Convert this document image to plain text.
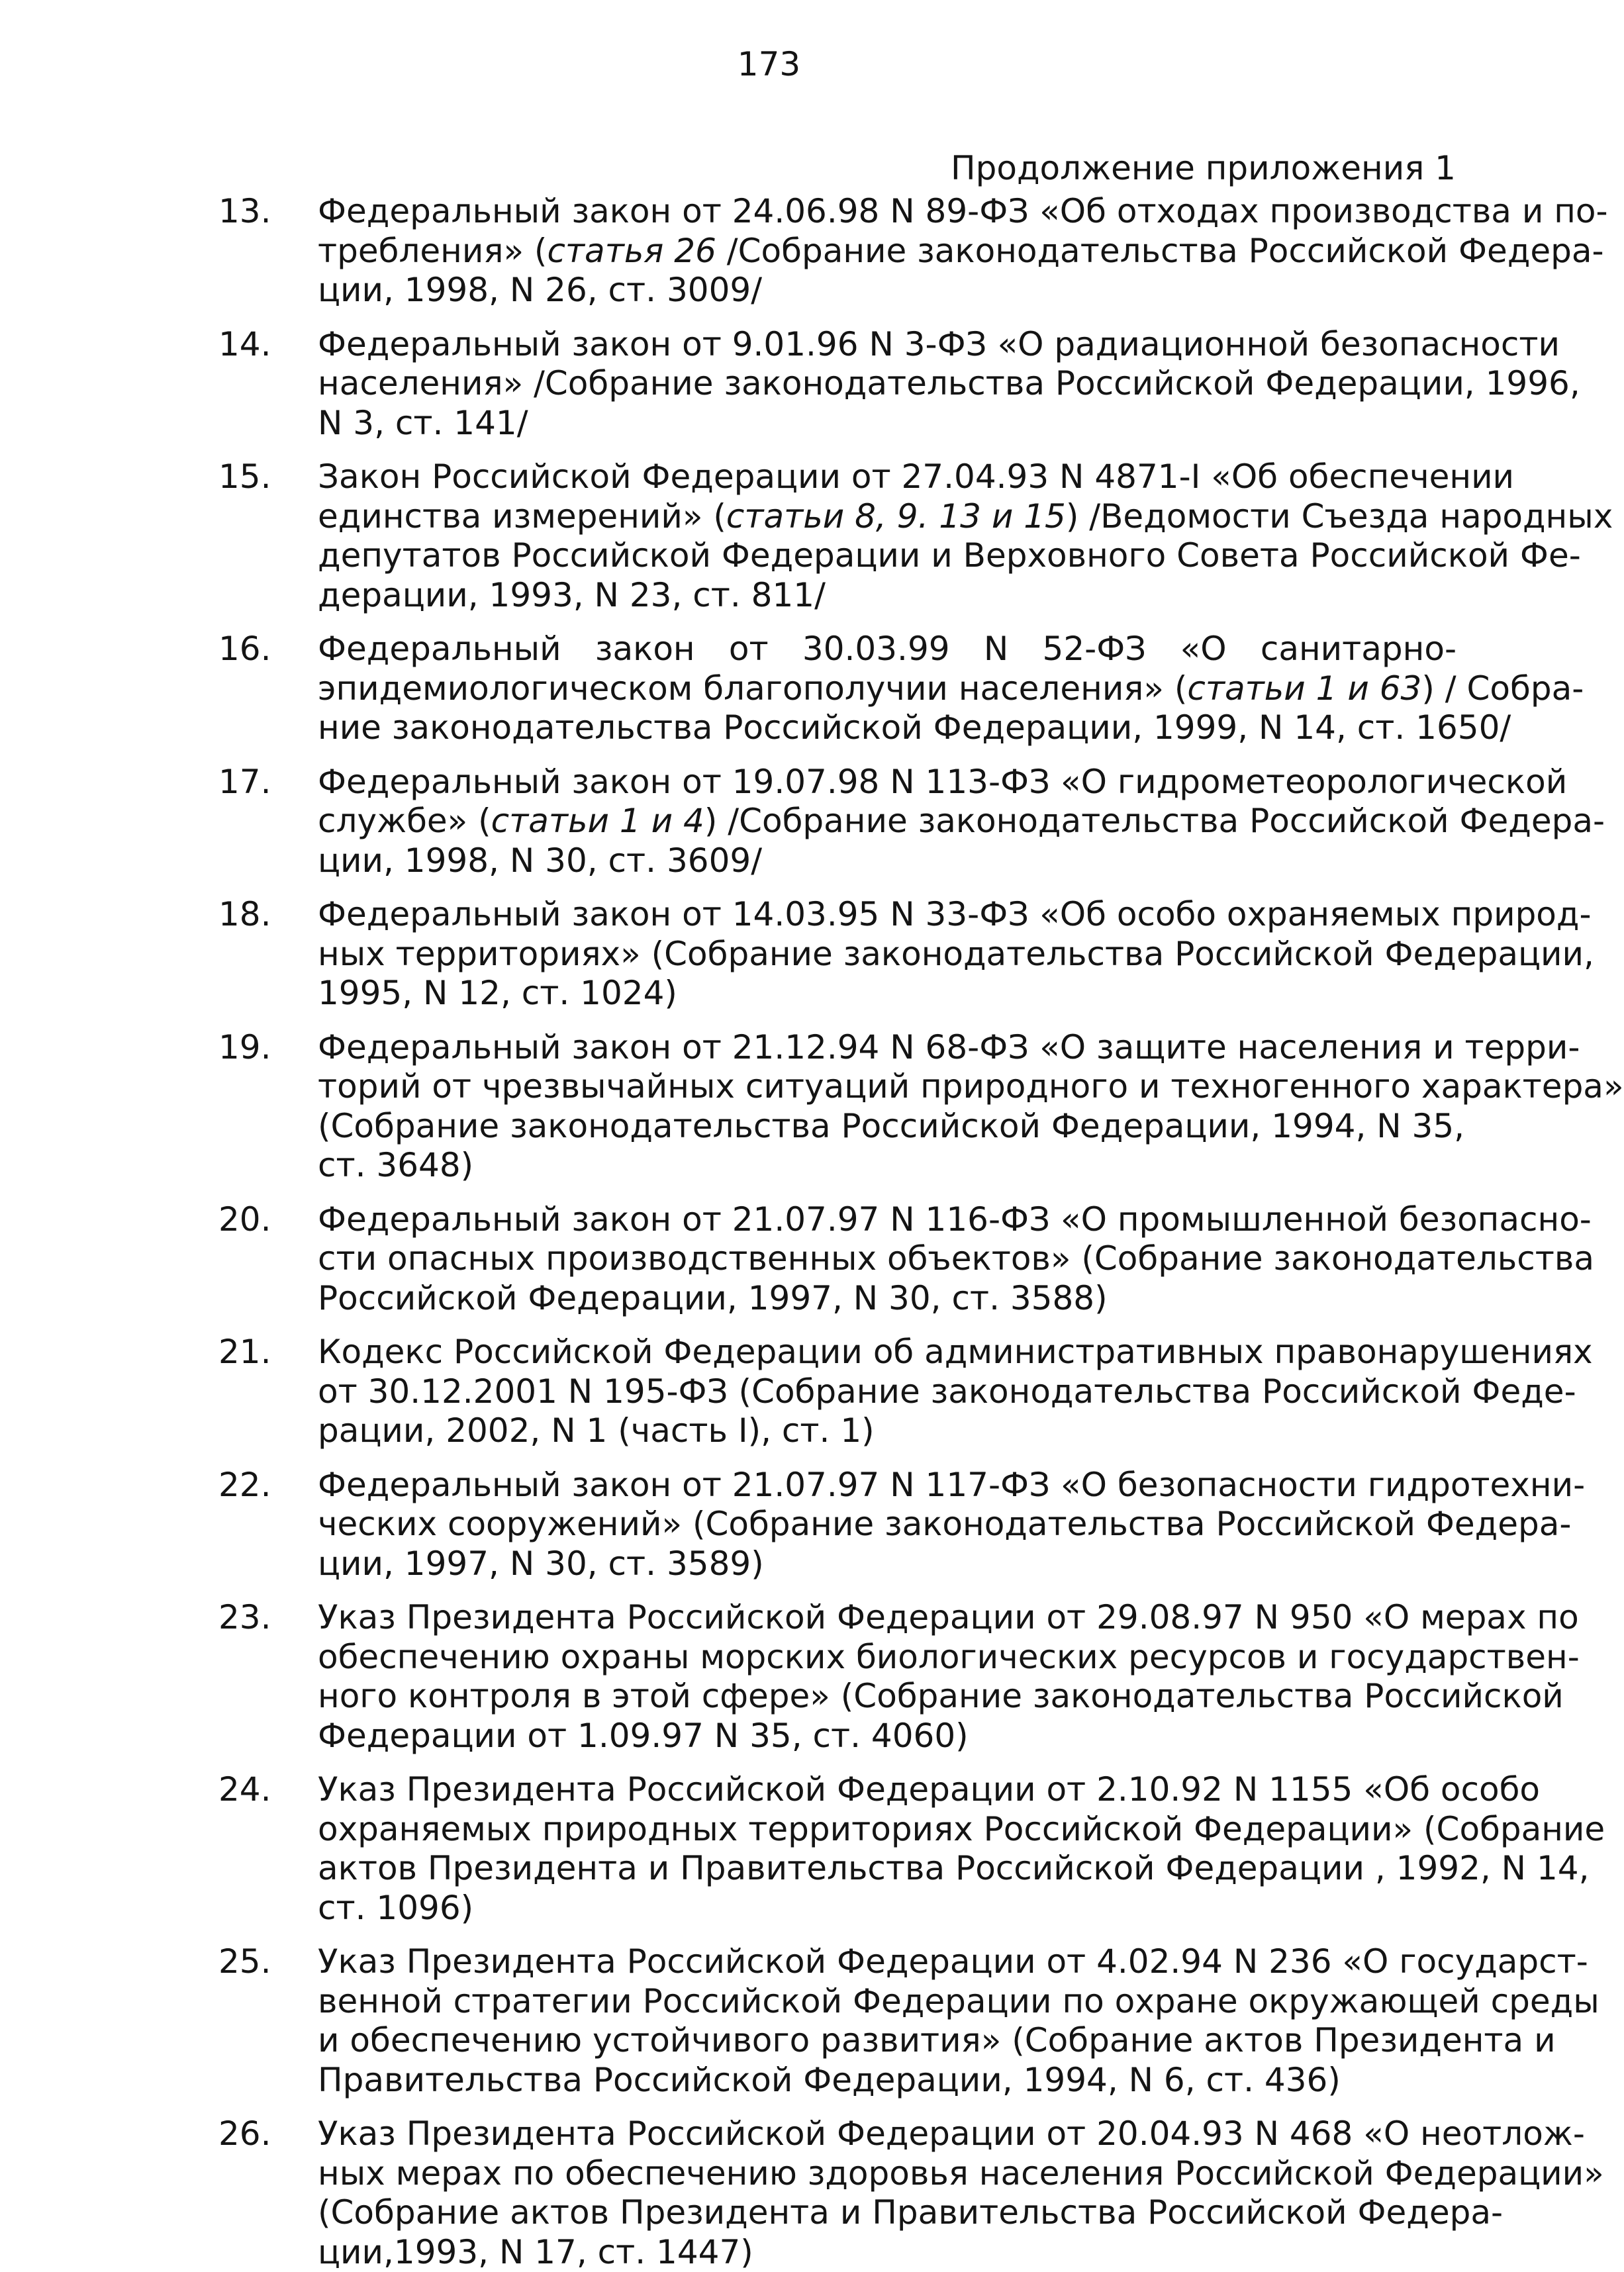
173
Продолжение приложения 1
13.	Федеральный закон от 24.06.98 N 89-ФЗ «Об отходах производства и по-
требления» (статья 26 /Собрание законодательства Российской Федера-
ции, 1998, N 26, ст. 3009/
14.	Федеральный закон от 9.01.96 N 3-ФЗ «О радиационной безопасности
населения» /Собрание законодательства Российской Федерации, 1996,
N 3, ст. 141/
15.	Закон Российской Федерации от 27.04.93 N 4871-I «Об обеспечении
единства измерений» (статьи 8, 9. 13 и 15) /Ведомости Съезда народных
депутатов Российской Федерации и Верховного Совета Российской Фе-
дерации, 1993, N 23, ст. 811/
16.	Федеральный закон от 30.03.99 N 52-ФЗ «О санитарно-
эпидемиологическом благополучии населения» (статьи 1 и 63) / Собра-
ние законодательства Российской Федерации, 1999, N 14, ст. 1650/
17.	Федеральный закон от 19.07.98 N 113-ФЗ «О гидрометеорологической
службе» (статьи 1 и 4) /Собрание законодательства Российской Федера-
ции, 1998, N 30, ст. 3609/
18.	Федеральный закон от 14.03.95 N 33-ФЗ «Об особо охраняемых природ-
ных территориях» (Собрание законодательства Российской Федерации,
1995, N 12, ст. 1024)
19.	Федеральный закон от 21.12.94 N 68-ФЗ «О защите населения и терри-
торий от чрезвычайных ситуаций природного и техногенного характера»
(Собрание законодательства Российской Федерации, 1994, N 35,
ст. 3648)
20.	Федеральный закон от 21.07.97 N 116-ФЗ «О промышленной безопасно-
сти опасных производственных объектов» (Собрание законодательства
Российской Федерации, 1997, N 30, ст. 3588)
21.	Кодекс Российской Федерации об административных правонарушениях
от 30.12.2001 N 195-ФЗ (Собрание законодательства Российской Феде-
рации, 2002, N 1 (часть I), ст. 1)
22.	Федеральный закон от 21.07.97 N 117-ФЗ «О безопасности гидротехни-
ческих сооружений» (Собрание законодательства Российской Федера-
ции, 1997, N 30, ст. 3589)
23.	Указ Президента Российской Федерации от 29.08.97 N 950 «О мерах по
обеспечению охраны морских биологических ресурсов и государствен-
ного контроля в этой сфере» (Собрание законодательства Российской
Федерации от 1.09.97 N 35, ст. 4060)
24.	Указ Президента Российской Федерации от 2.10.92 N 1155 «Об особо
охраняемых природных территориях Российской Федерации» (Собрание
актов Президента и Правительства Российской Федерации , 1992, N 14,
ст. 1096)
25.	Указ Президента Российской Федерации от 4.02.94 N 236 «О государст-
венной стратегии Российской Федерации по охране окружающей среды
и обеспечению устойчивого развития» (Собрание актов Президента и
Правительства Российской Федерации, 1994, N 6, ст. 436)
26.	Указ Президента Российской Федерации от 20.04.93 N 468 «О неотлож-
ных мерах по обеспечению здоровья населения Российской Федерации»
(Собрание актов Президента и Правительства Российской Федера-
ции,1993, N 17, ст. 1447)
